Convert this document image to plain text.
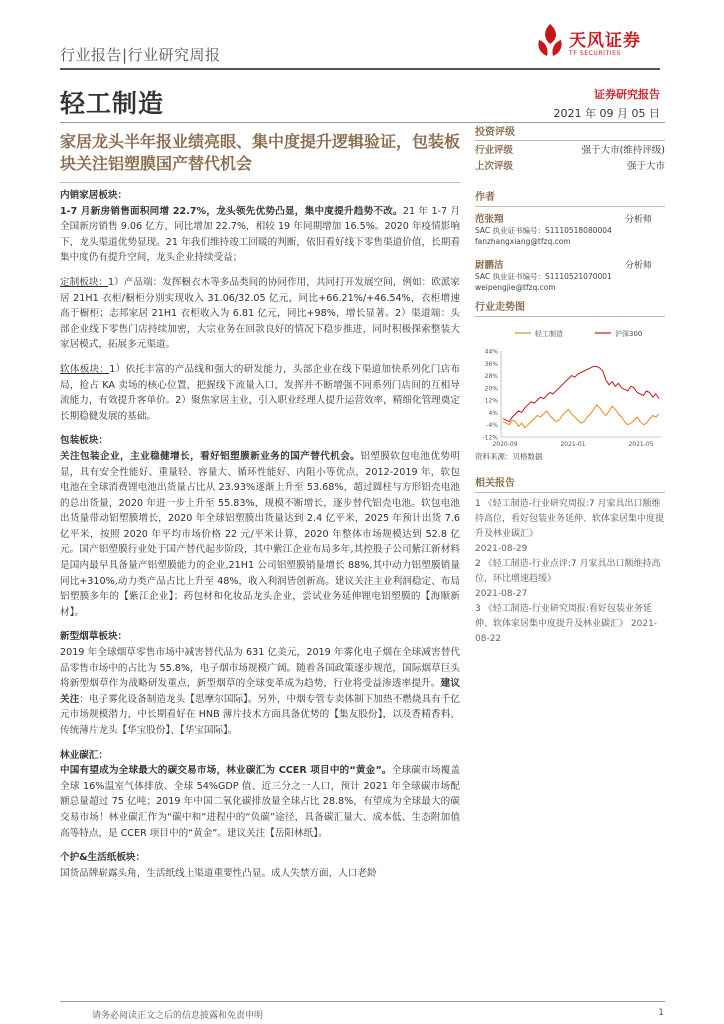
行业报告|行业研究周报
天风证券
TF SECURITIES
轻工制造	证券研究报告
2021 年 09 月 05 日
家居龙头半年报业绩亮眼、集中度提升逻辑验证，包装板块关注铝塑膜国产替代机会
内销家居板块：

1-7 月新房销售面积同增 22.7%，龙头领先优势凸显，集中度提升趋势不改。21 年 1-7 月全国新房销售 9.06 亿方，同比增加 22.7%，相较 19 年同期增加 16.5%。2020 年疫情影响下，龙头渠道优势显现。21 年我们维持竣工回暖的判断，依旧看好线下零售渠道价值，长期看集中度仍有提升空间，龙头企业持续受益；

定制板块：1）产品端：发挥橱衣木等多品类间的协同作用，共同打开发展空间，例如：欧派家居 21H1 衣柜/橱柜分别实现收入 31.06/32.05 亿元，同比+66.21%/+46.54%，衣柜增速高于橱柜；志邦家居 21H1 衣柜收入为 6.81 亿元，同比+98%，增长显著。2）渠道端：头部企业线下零售门店持续加密，大宗业务在回款良好的情况下稳步推进，同时积极探索整装大家居模式，拓展多元渠道。

软体板块：1）依托丰富的产品线和强大的研发能力，头部企业在线下渠道加快系列化门店布局，抢占 KA 卖场的核心位置，把握线下流量入口，发挥并不断增强不同系列门店间的互相导流能力，有效提升客单价。2）聚焦家居主业，引入职业经理人提升运营效率，精细化管理奠定长期稳健发展的基础。

包装板块：

关注包装企业，主业稳健增长，看好铝塑膜新业务的国产替代机会。铝塑膜软包电池优势明显，具有安全性能好、重量轻、容量大、循环性能好、内阻小等优点，2012-2019 年，软包电池在全球消费锂电池出货量占比从 23.93%逐渐上升至 53.68%，超过圆柱与方形铝壳电池的总出货量，2020 年进一步上升至 55.83%，规模不断增长，逐步替代铝壳电池。软包电池出货量带动铝塑膜增长，2020 年全球铝塑膜出货量达到 2.4 亿平米，2025 年预计出货 7.6 亿平米，按照 2020 年平均市场价格 22 元/平米计算，2020 年整体市场规模达到 52.8 亿元。国产铝塑膜行业处于国产替代起步阶段，其中紫江企业布局多年,其控股子公司紫江新材料是国内最早具备量产铝塑膜能力的企业,21H1 公司铝塑膜销量增长 88%,其中动力铝塑膜销量同比+310%,动力类产品占比上升至 48%，收入利润皆创新高。建议关注主业利润稳定、布局铝塑膜多年的【紫江企业】；药包材和化妆品龙头企业，尝试业务延伸锂电铝塑膜的【海顺新材】。

新型烟草板块：

2019 年全球烟草零售市场中减害替代品为 631 亿美元，2019 年雾化电子烟在全球减害替代品零售市场中的占比为 55.8%，电子烟市场规模广阔。随着各国政策逐步规范，国际烟草巨头将新型烟草作为战略研发重点，新型烟草的全球变革成为趋势，行业将受益渗透率提升。建议关注：电子雾化设备制造龙头【思摩尔国际】。另外，中烟专管专卖体制下加热不燃烧具有千亿元市场规模潜力，中长期看好在 HNB 薄片技术方面具备优势的【集友股份】，以及香精香料、传统薄片龙头【华宝股份】、【华宝国际】。

林业碳汇：

中国有望成为全球最大的碳交易市场，林业碳汇为 CCER 项目中的“黄金”。全球碳市场覆盖全球 16%温室气体排放、全球 54%GDP 值、近三分之一人口，预计 2021 年全球碳市场配额总量超过 75 亿吨；2019 年中国二氧化碳排放量全球占比 28.8%，有望成为全球最大的碳交易市场！林业碳汇作为“碳中和”进程中的“负碳”途径，具备碳汇量大、成本低、生态附加值高等特点，是 CCER 项目中的“黄金”。建议关注【岳阳林纸】。

个护&生活纸板块：

国货品牌崭露头角，生活纸线上渠道重要性凸显。成人失禁方面，人口老龄

投资评级
行业评级	强于大市(维持评级)
上次评级	强于大市
作者
范张翔	分析师
SAC 执业证书编号：S1110518080004
fanzhangxiang@tfzq.com
尉鹏洁	分析师
SAC 执业证书编号：S1110521070001
weipengjie@tfzq.com
行业走势图
-12%
-4%
4%
12%
20%
28%
36%
44%
2020-09	2021-01	2021-05
轻工制造	沪深300
资料来源：贝格数据
相关报告
1 《轻工制造-行业研究周报:7 月家具出口额维持高位，看好包装业务延伸、软体家居集中度提升及林业碳汇》
2021-08-29
2 《轻工制造-行业点评:7 月家具出口额维持高位，环比增速趋缓》
2021-08-27
3 《轻工制造-行业研究周报:看好包装业务延伸、软体家居集中度提升及林业碳汇》 2021-08-22
请务必阅读正文之后的信息披露和免责申明	1
